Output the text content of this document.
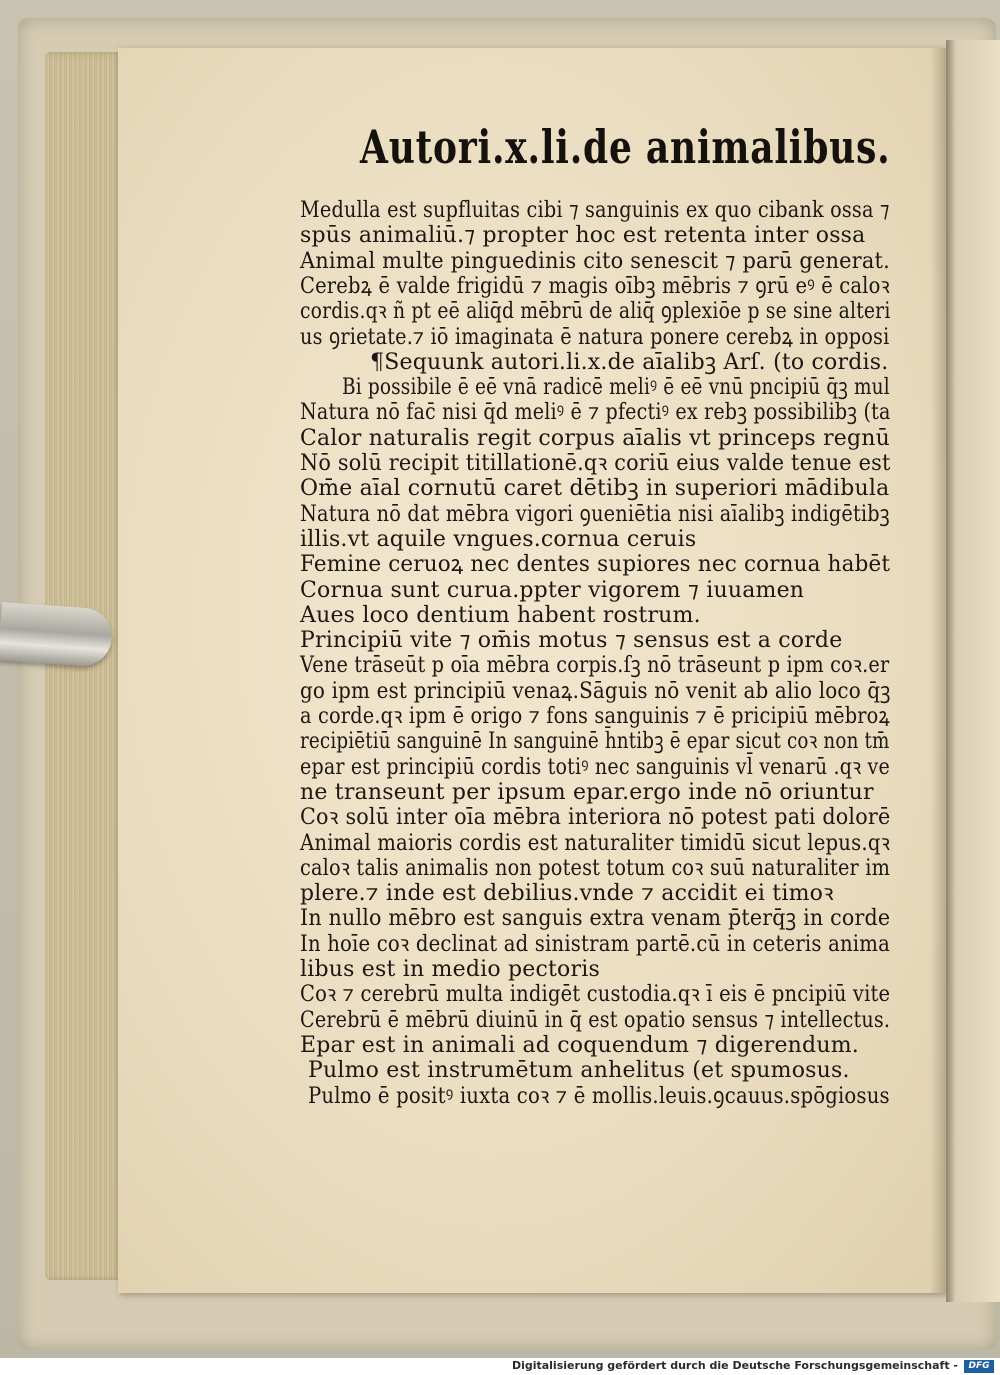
Autori.x.li.de animalibus.
Medulla est supfluitas cibi ⁊ sanguinis ex quo cibank ossa ⁊
spūs animaliū.⁊ propter hoc est retenta inter ossa
Animal multe pinguedinis cito senescit ⁊ parū generat.
Cerebꝝ ē valde frigidū ⁊ magis oībꝫ mēbris ⁊ ꝯrū eꝰ ē caloꝛ
cordis.qꝛ ñ pt eē aliq̄d mēbrū de aliq̄ ꝯplexiōe p se sine alteri
us ꝯrietate.⁊ iō imaginata ē natura ponere cerebꝝ in opposi
¶Sequunk autori.li.x.de aīalibꝫ Arſ. (to cordis.
Bi possibile ē eē vnā radicē meliꝰ ē eē vnū pncipiū q̄ꝫ mul
Natura nō fac̄ nisi q̄d meliꝰ ē ⁊ pfectiꝰ ex rebꝫ possibilibꝫ (ta
Calor naturalis regit corpus aīalis vt princeps regnū
Nō solū recipit titillationē.qꝛ coriū eius valde tenue est
Om̄e aīal cornutū caret dētibꝫ in superiori mādibula
Natura nō dat mēbra vigori ꝯueniētia nisi aīalibꝫ indigētibꝫ
illis.vt aquile vngues.cornua ceruis
Femine ceruoꝝ nec dentes supiores nec cornua habēt
Cornua sunt curua.ppter vigorem ⁊ iuuamen
Aues loco dentium habent rostrum.
Principiū vite ⁊ om̄is motus ⁊ sensus est a corde
Vene trāseūt p oīa mēbra corpis.ſꝫ nō trāseunt p ipm coꝛ.er
go ipm est principiū venaꝝ.Sāguis nō venit ab alio loco q̄ꝫ
a corde.qꝛ ipm ē origo ⁊ fons sanguinis ⁊ ē pricipiū mēbroꝝ
recipiētiū sanguinē In sanguinē h̄ntibꝫ ē epar sicut coꝛ non tm̄
epar est principiū cordis totiꝰ nec sanguinis vl̄ venarū .qꝛ ve
ne transeunt per ipsum epar.ergo inde nō oriuntur
Coꝛ solū inter oīa mēbra interiora nō potest pati dolorē
Animal maioris cordis est naturaliter timidū sicut lepus.qꝛ
caloꝛ talis animalis non potest totum coꝛ suū naturaliter im
plere.⁊ inde est debilius.vnde ⁊ accidit ei timoꝛ
In nullo mēbro est sanguis extra venam p̄terq̄ꝫ in corde
In hoīe coꝛ declinat ad sinistram partē.cū in ceteris anima
libus est in medio pectoris
Coꝛ ⁊ cerebrū multa indigēt custodia.qꝛ ī eis ē pncipiū vite
Cerebrū ē mēbrū diuinū in q̄ est opatio sensus ⁊ intellectus.
Epar est in animali ad coquendum ⁊ digerendum.
Pulmo est instrumētum anhelitus (et spumosus.
Pulmo ē positꝰ iuxta coꝛ ⁊ ē mollis.leuis.ꝯcauus.spōgiosus
Digitalisierung gefördert durch die Deutsche Forschungsgemeinschaft -	DFG
